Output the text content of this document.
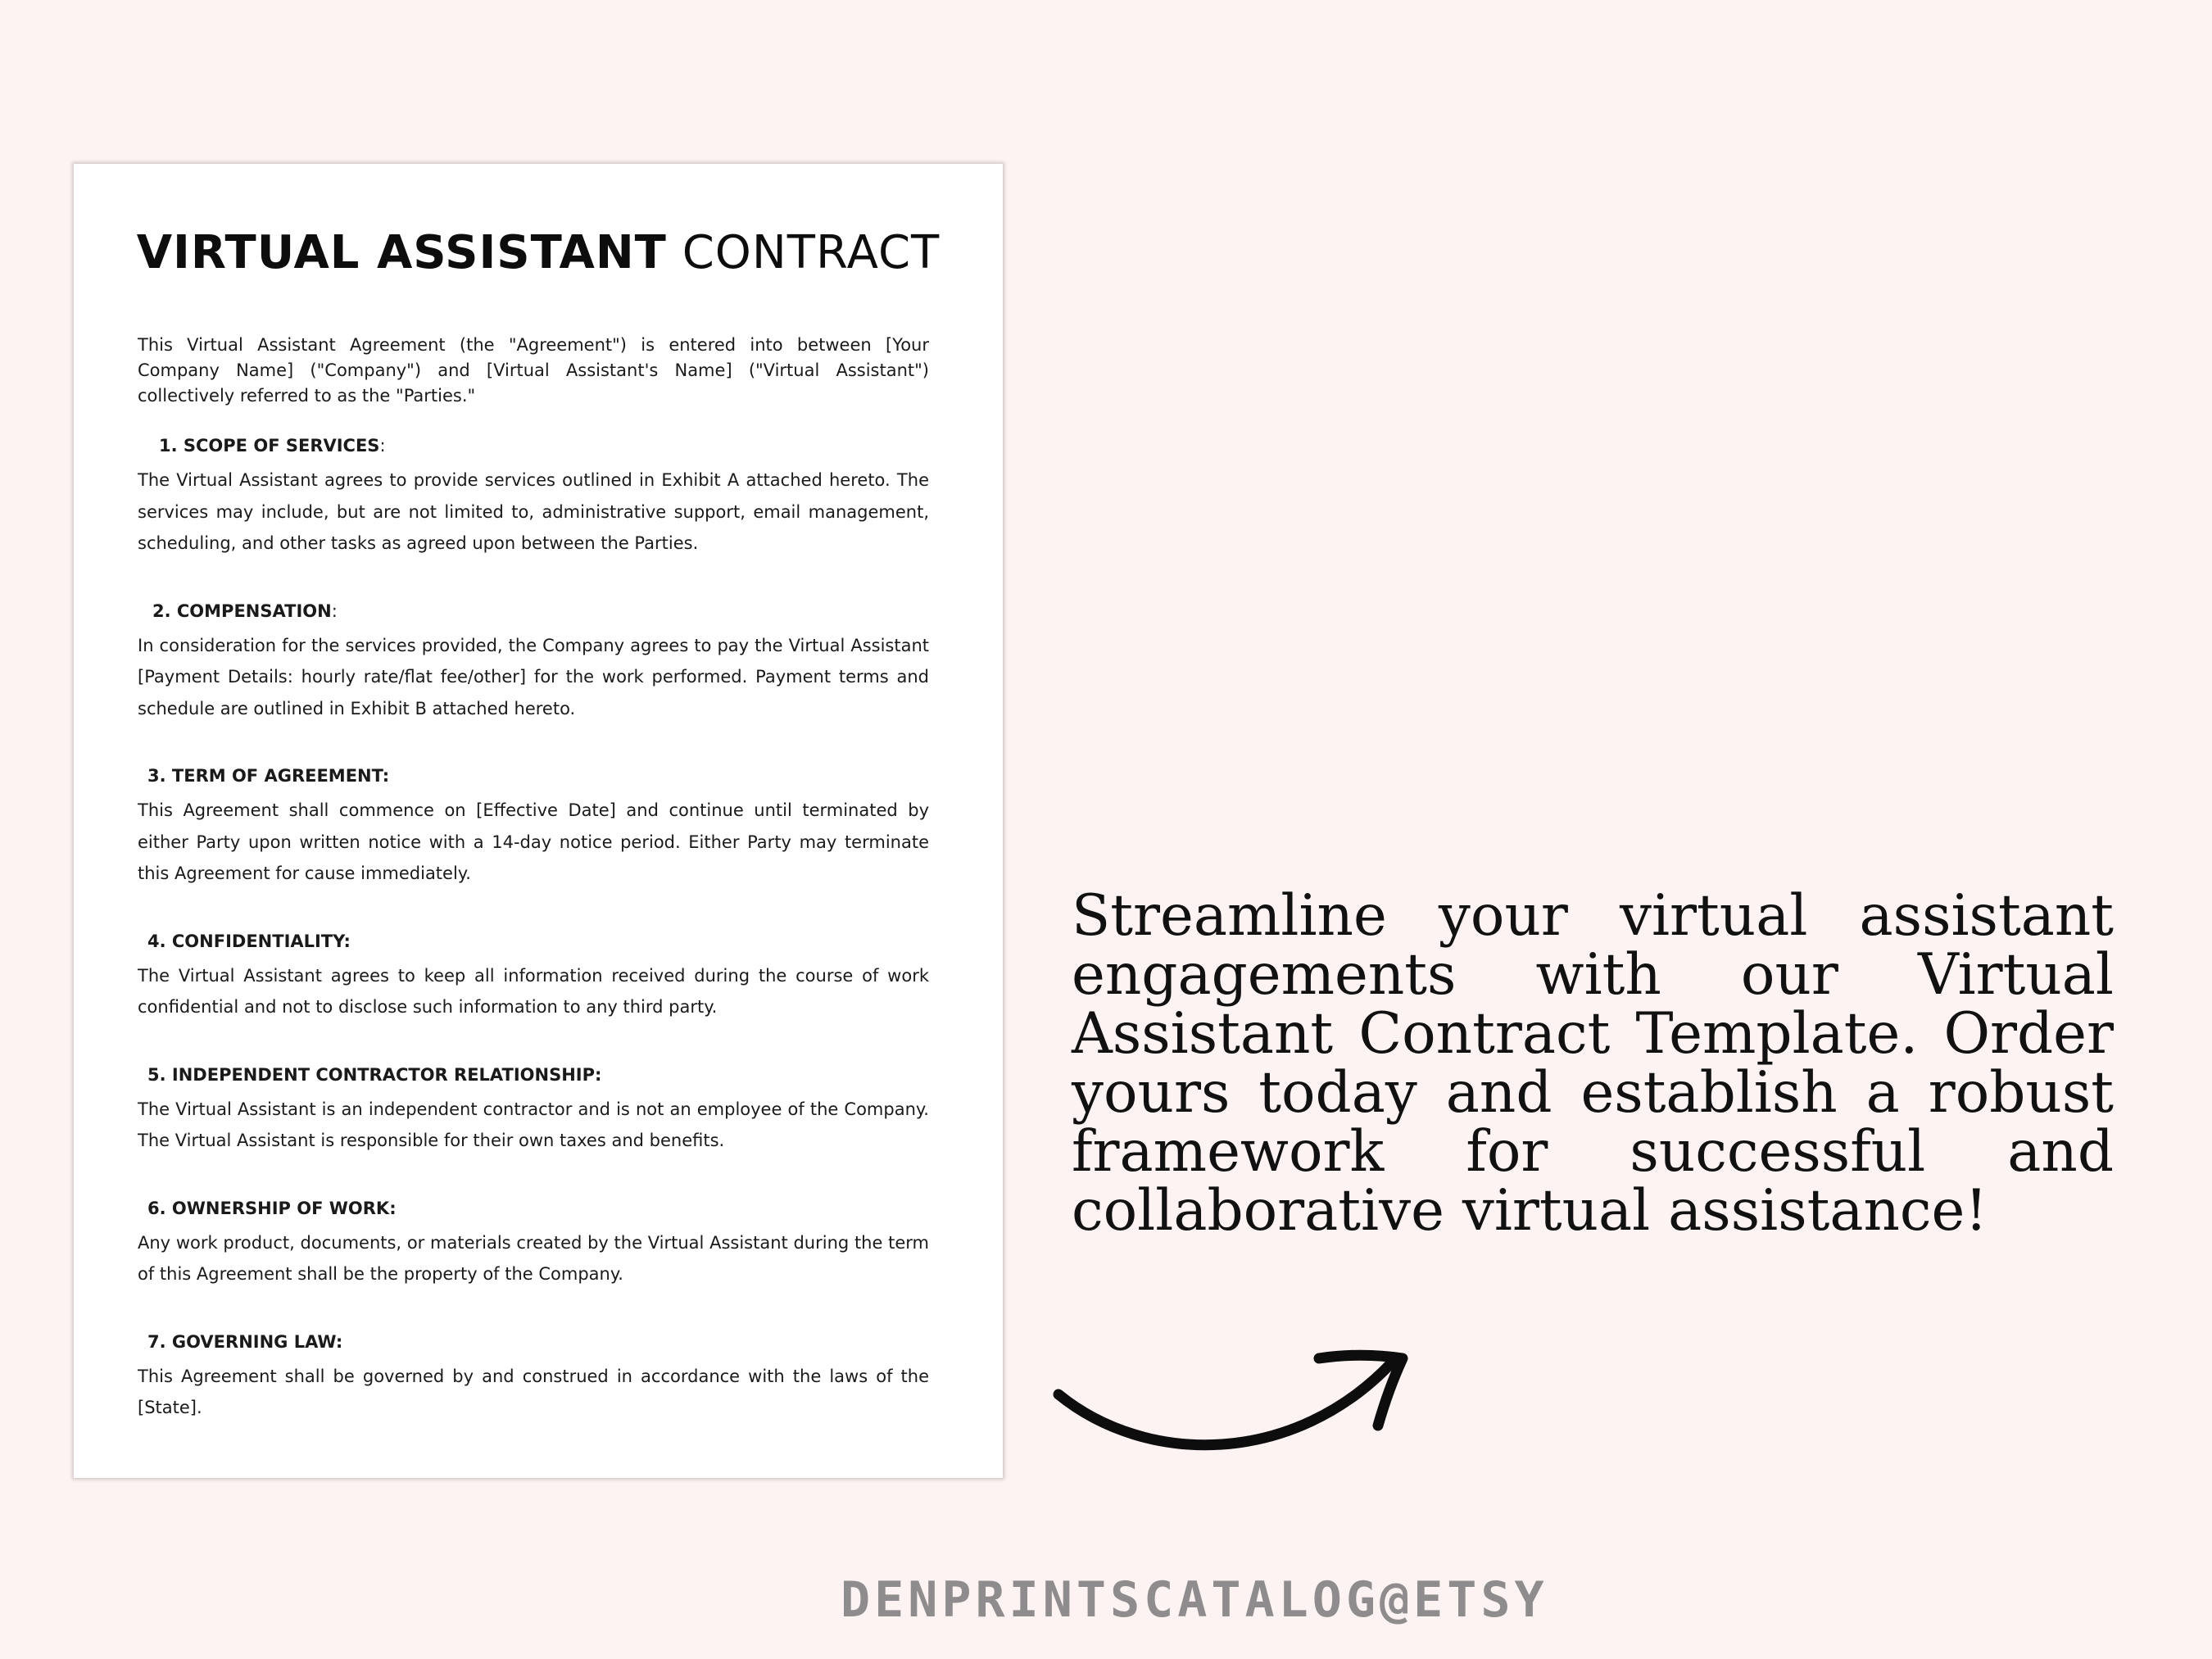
VIRTUAL ASSISTANT CONTRACT

This Virtual Assistant Agreement (the "Agreement") is entered into between [Your Company Name] ("Company") and [Virtual Assistant's Name] ("Virtual Assistant") collectively referred to as the "Parties."

1. SCOPE OF SERVICES:

The Virtual Assistant agrees to provide services outlined in Exhibit A attached hereto. The services may include, but are not limited to, administrative support, email management, scheduling, and other tasks as agreed upon between the Parties.

2. COMPENSATION:

In consideration for the services provided, the Company agrees to pay the Virtual Assistant [Payment Details: hourly rate/flat fee/other] for the work performed. Payment terms and schedule are outlined in Exhibit B attached hereto.

3. TERM OF AGREEMENT:

This Agreement shall commence on [Effective Date] and continue until terminated by either Party upon written notice with a 14-day notice period. Either Party may terminate this Agreement for cause immediately.

4. CONFIDENTIALITY:

The Virtual Assistant agrees to keep all information received during the course of work confidential and not to disclose such information to any third party.

5. INDEPENDENT CONTRACTOR RELATIONSHIP:

The Virtual Assistant is an independent contractor and is not an employee of the Company. The Virtual Assistant is responsible for their own taxes and benefits.

6. OWNERSHIP OF WORK:

Any work product, documents, or materials created by the Virtual Assistant during the term of this Agreement shall be the property of the Company.

7. GOVERNING LAW:

This Agreement shall be governed by and construed in accordance with the laws of the [State].

Streamline your virtual assistant engagements with our Virtual Assistant Contract Template. Order yours today and establish a robust framework for successful and collaborative virtual assistance!
DENPRINTSCATALOG@ETSY
